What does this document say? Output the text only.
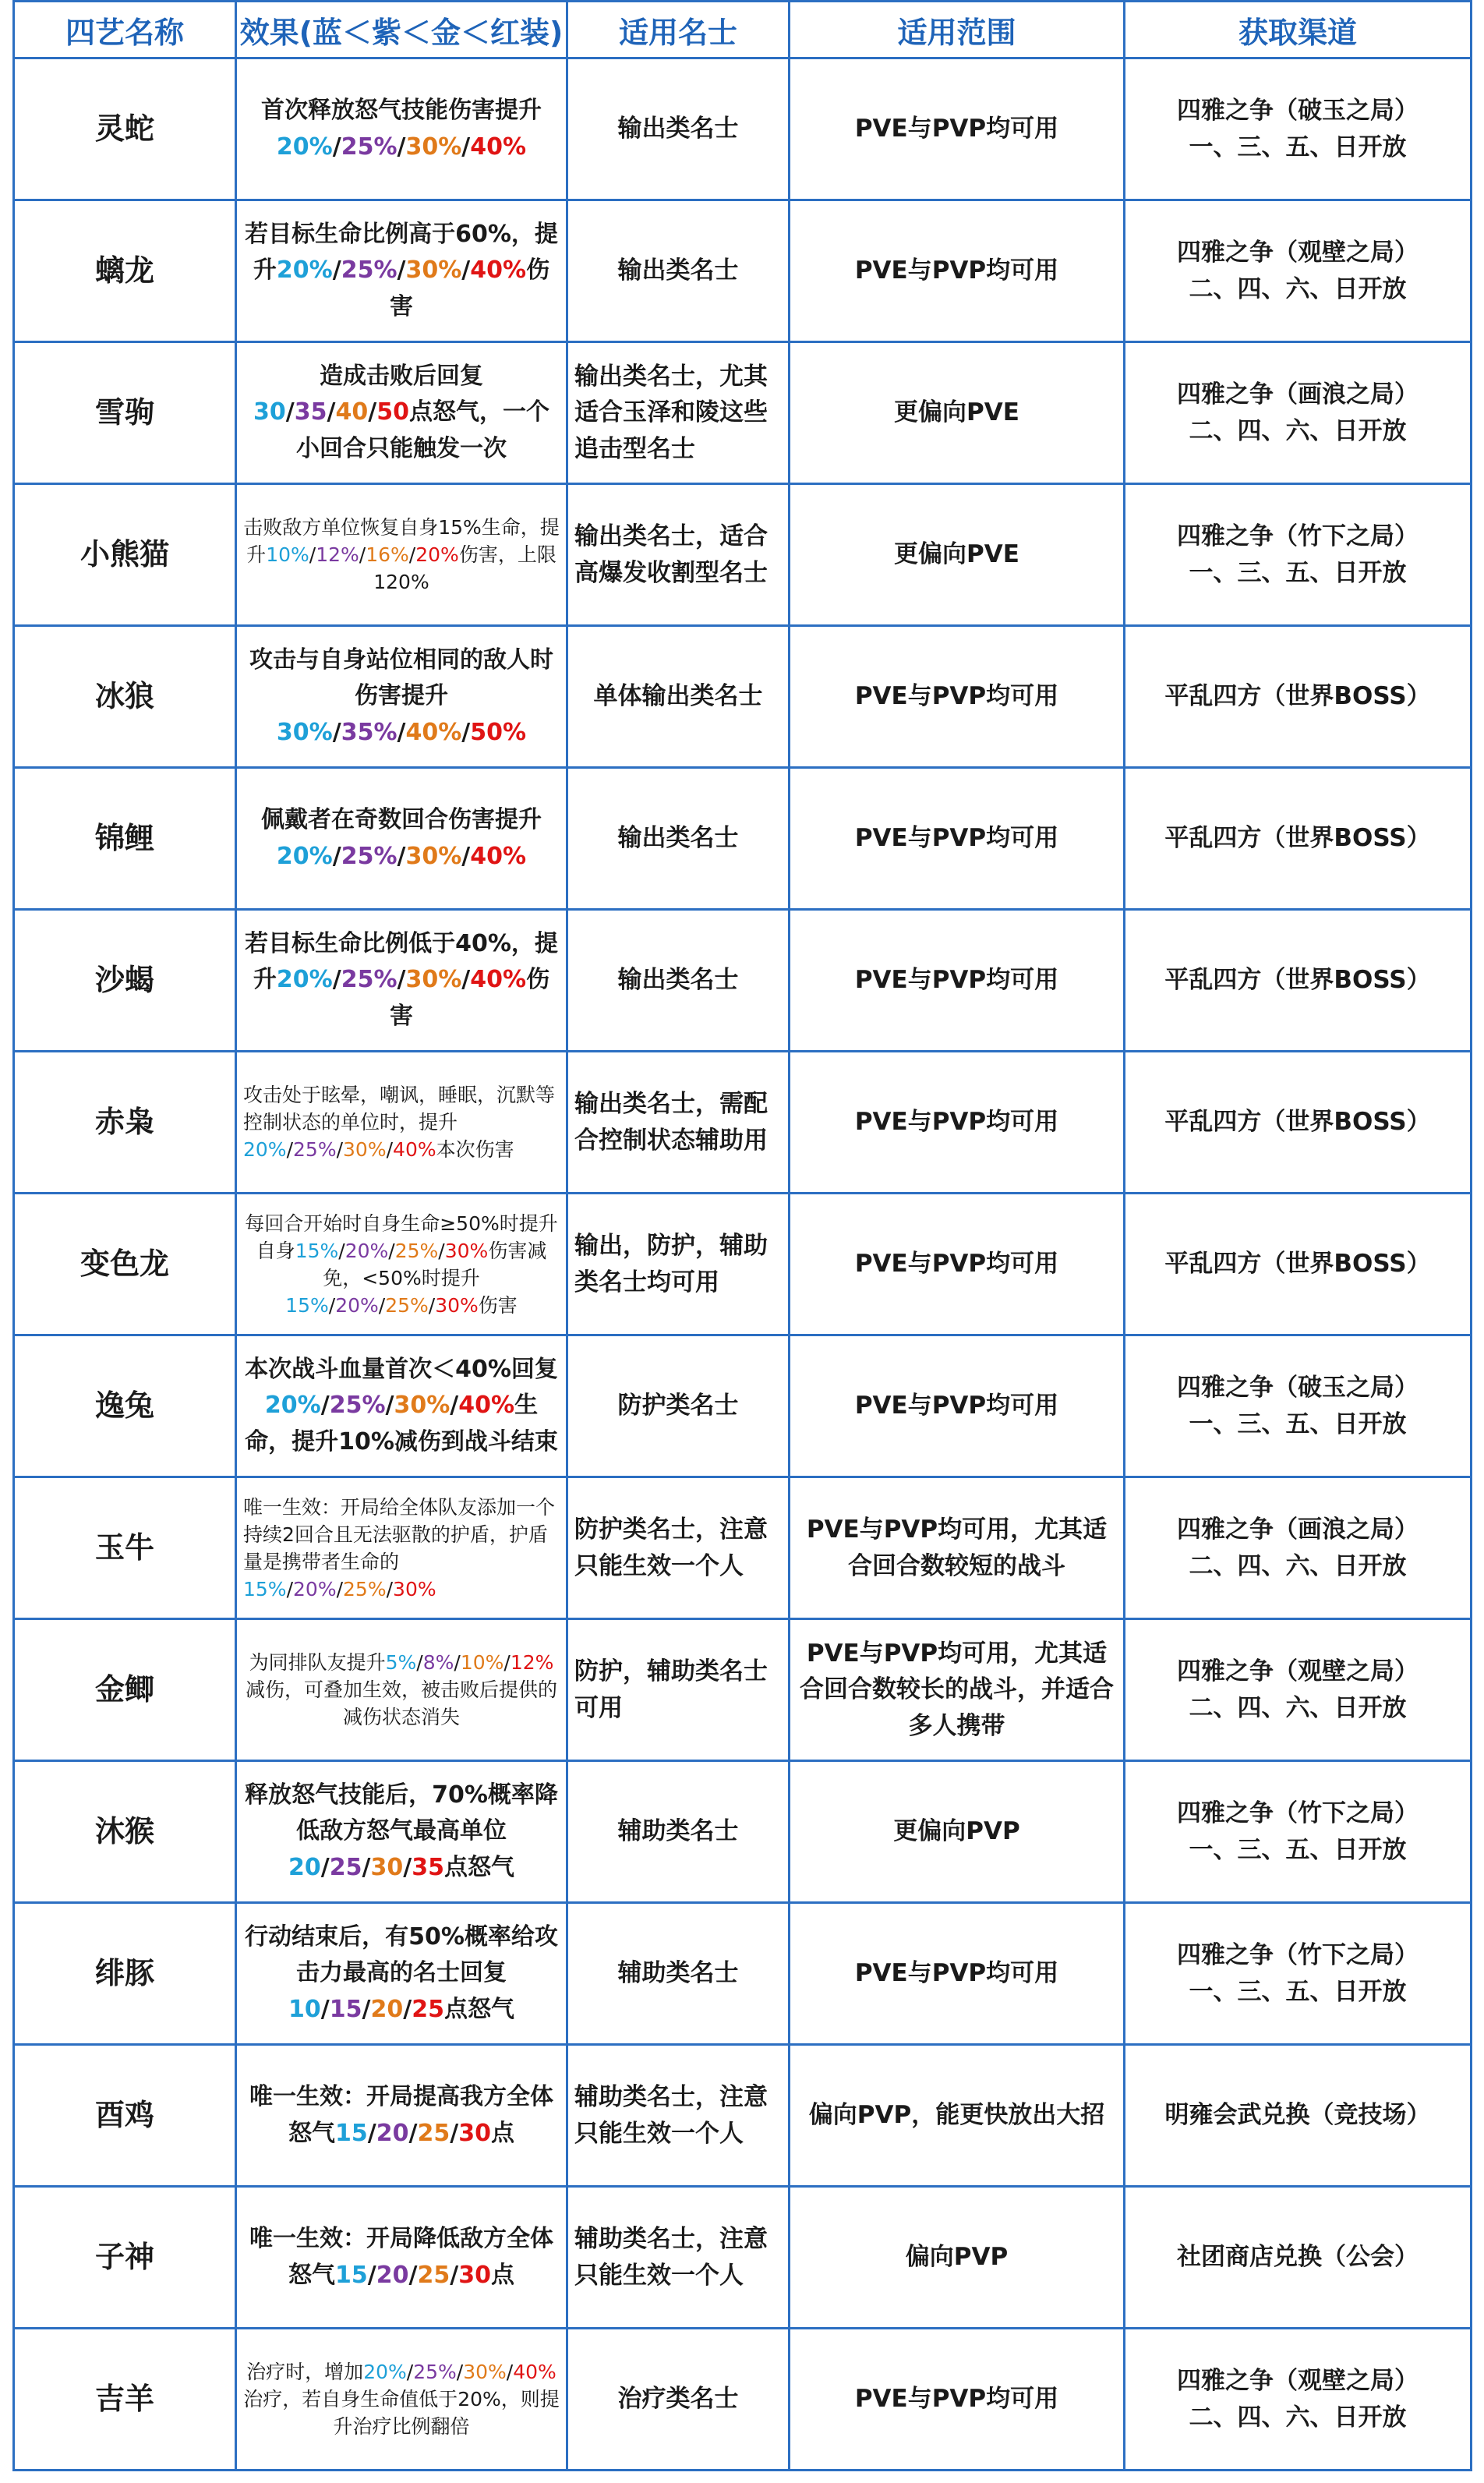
四艺名称	效果(蓝＜紫＜金＜红装)	适用名士	适用范围	获取渠道
灵蛇	首次释放怒气技能伤害提升20%/25%/30%/40%	输出类名士	PVE与PVP均可用	四雅之争（破玉之局）
一、三、五、日开放

螭龙	若目标生命比例高于60%，提升20%/25%/30%/40%伤害	输出类名士	PVE与PVP均可用	四雅之争（观壁之局）
二、四、六、日开放

雪驹	造成击败后回复30/35/40/50点怒气，一个小回合只能触发一次	输出类名士，尤其适合玉泽和陵这些追击型名士	更偏向PVE	四雅之争（画浪之局）
二、四、六、日开放

小熊猫	击败敌方单位恢复自身15%生命，提升10%/12%/16%/20%伤害，上限120%	输出类名士，适合高爆发收割型名士	更偏向PVE	四雅之争（竹下之局）
一、三、五、日开放

冰狼	攻击与自身站位相同的敌人时伤害提升30%/35%/40%/50%	单体输出类名士	PVE与PVP均可用	平乱四方（世界BOSS）

锦鲤	佩戴者在奇数回合伤害提升20%/25%/30%/40%	输出类名士	PVE与PVP均可用	平乱四方（世界BOSS）

沙蝎	若目标生命比例低于40%，提升20%/25%/30%/40%伤害	输出类名士	PVE与PVP均可用	平乱四方（世界BOSS）

赤枭	攻击处于眩晕，嘲讽，睡眠，沉默等控制状态的单位时，提升20%/25%/30%/40%本次伤害	输出类名士，需配合控制状态辅助用	PVE与PVP均可用	平乱四方（世界BOSS）

变色龙	每回合开始时自身生命≥50%时提升自身15%/20%/25%/30%伤害减免，<50%时提升15%/20%/25%/30%伤害	输出，防护，辅助类名士均可用	PVE与PVP均可用	平乱四方（世界BOSS）

逸兔	本次战斗血量首次＜40%回复20%/25%/30%/40%生命，提升10%减伤到战斗结束	防护类名士	PVE与PVP均可用	四雅之争（破玉之局）
一、三、五、日开放

玉牛	唯一生效：开局给全体队友添加一个持续2回合且无法驱散的护盾，护盾量是携带者生命的15%/20%/25%/30%	防护类名士，注意只能生效一个人	PVE与PVP均可用，尤其适合回合数较短的战斗	四雅之争（画浪之局）
二、四、六、日开放

金鲫	为同排队友提升5%/8%/10%/12%减伤，可叠加生效，被击败后提供的减伤状态消失	防护，辅助类名士可用	PVE与PVP均可用，尤其适合回合数较长的战斗，并适合多人携带	四雅之争（观壁之局）
二、四、六、日开放

沐猴	释放怒气技能后，70%概率降低敌方怒气最高单位20/25/30/35点怒气	辅助类名士	更偏向PVP	四雅之争（竹下之局）
一、三、五、日开放

绯豚	行动结束后，有50%概率给攻击力最高的名士回复10/15/20/25点怒气	辅助类名士	PVE与PVP均可用	四雅之争（竹下之局）
一、三、五、日开放

酉鸡	唯一生效：开局提高我方全体怒气15/20/25/30点	辅助类名士，注意只能生效一个人	偏向PVP，能更快放出大招	明雍会武兑换（竞技场）

子神	唯一生效：开局降低敌方全体怒气15/20/25/30点	辅助类名士，注意只能生效一个人	偏向PVP	社团商店兑换（公会）

吉羊	治疗时，增加20%/25%/30%/40%治疗，若自身生命值低于20%，则提升治疗比例翻倍	治疗类名士	PVE与PVP均可用	四雅之争（观壁之局）
二、四、六、日开放
